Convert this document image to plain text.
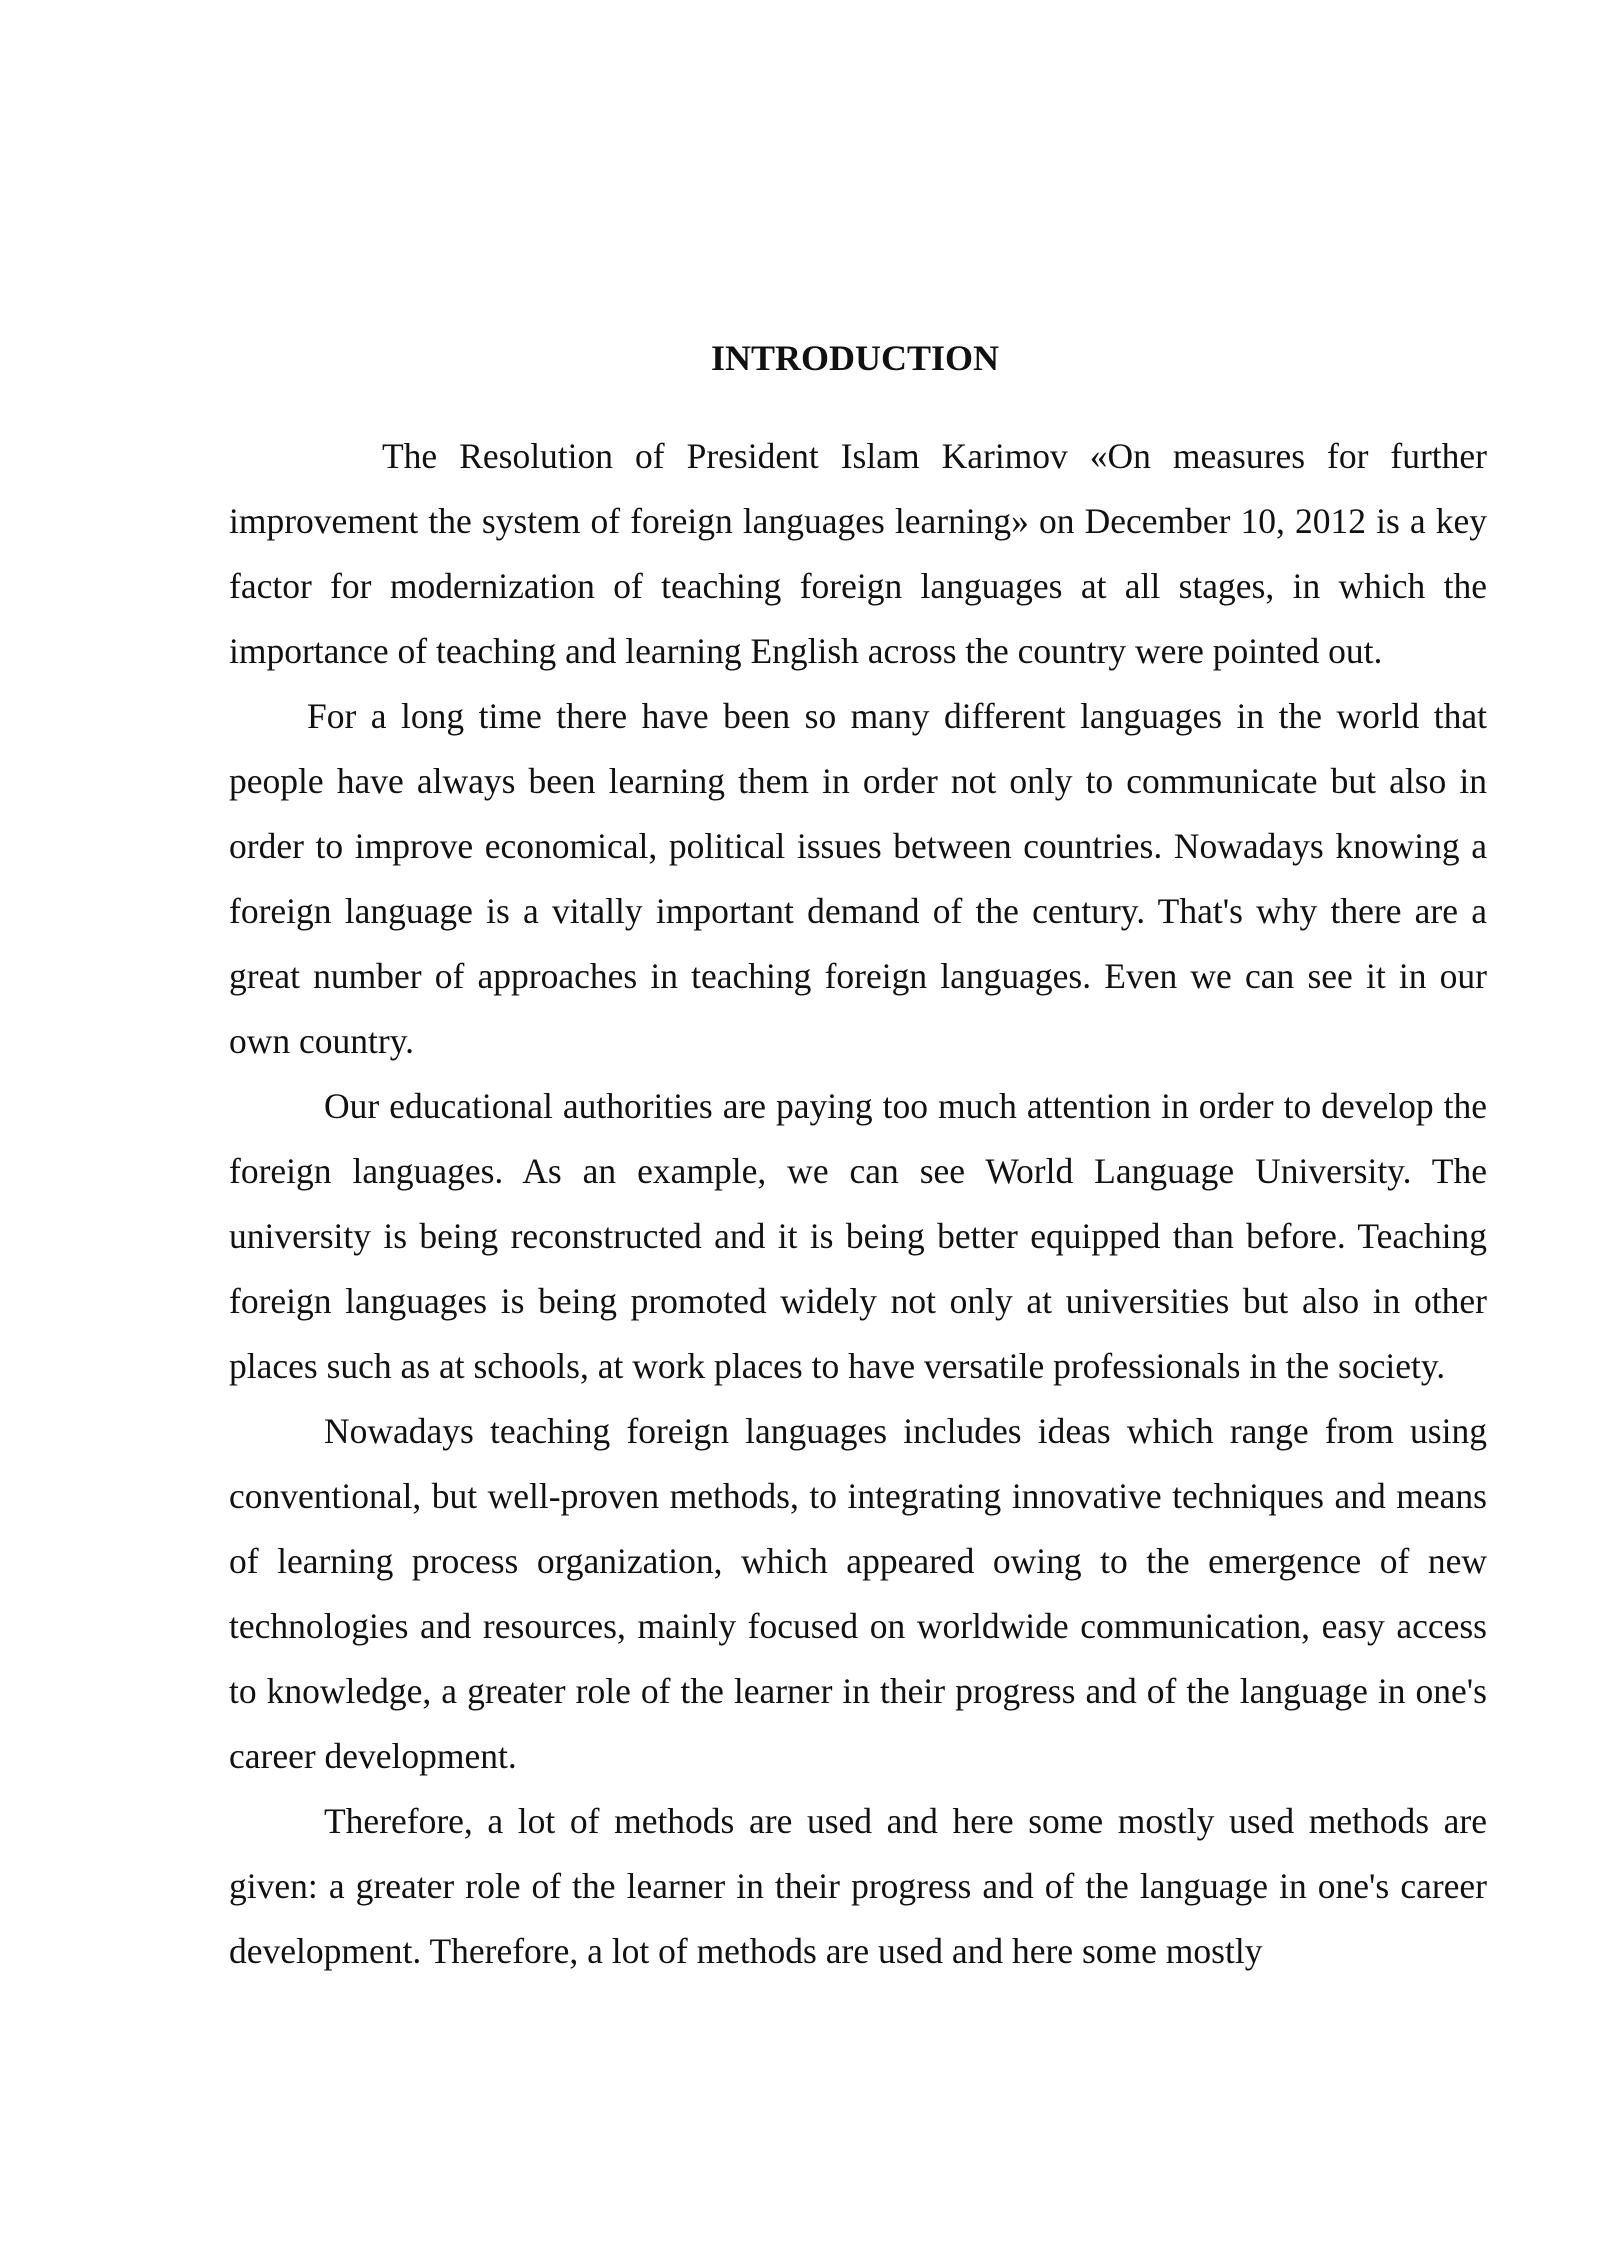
INTRODUCTION

The Resolution of President Islam Karimov «On measures for further improvement the system of foreign languages learning» on December 10, 2012 is a key factor for modernization of teaching foreign languages at all stages, in which the importance of teaching and learning English across the country were pointed out.

For a long time there have been so many different languages in the world that people have always been learning them in order not only to communicate but also in order to improve economical, political issues between countries. Nowadays knowing a foreign language is a vitally important demand of the century. That's why there are a great number of approaches in teaching foreign languages. Even we can see it in our own country.

Our educational authorities are paying too much attention in order to develop the foreign languages. As an example, we can see World Language University. The university is being reconstructed and it is being better equipped than before. Teaching foreign languages is being promoted widely not only at universities but also in other places such as at schools, at work places to have versatile professionals in the society.

Nowadays teaching foreign languages includes ideas which range from using conventional, but well-proven methods, to integrating innovative techniques and means of learning process organization, which appeared owing to the emergence of new technologies and resources, mainly focused on worldwide communication, easy access to knowledge, a greater role of the learner in their progress and of the language in one's career development.

Therefore, a lot of methods are used and here some mostly used methods are given: a greater role of the learner in their progress and of the language in one's career development. Therefore, a lot of methods are used and here some mostly
